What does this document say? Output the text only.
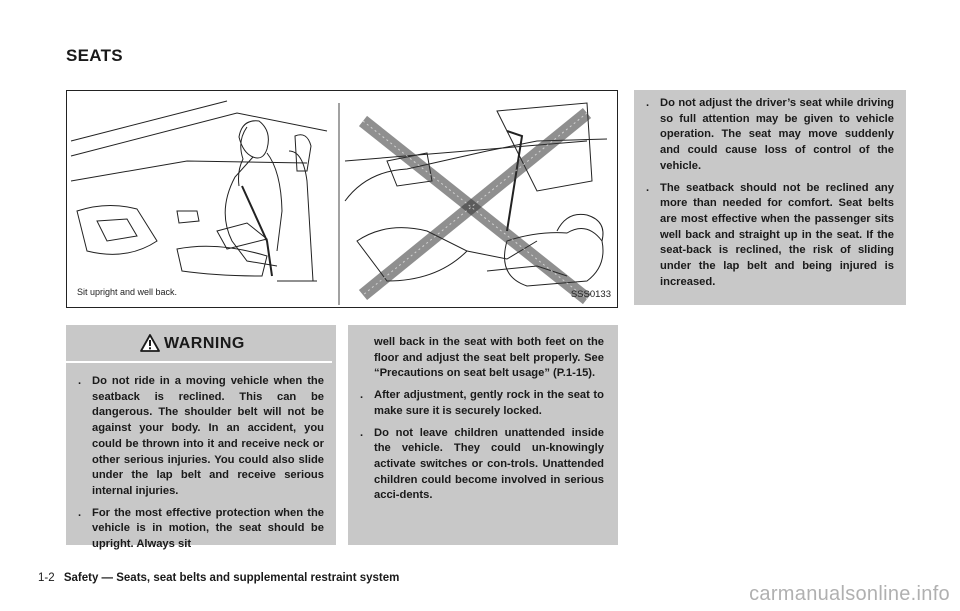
SEATS
Sit upright and well back.	SSS0133
WARNING
. Do not ride in a moving vehicle when the seatback is reclined. This can be dangerous. The shoulder belt will not be against your body. In an accident, you could be thrown into it and receive neck or other serious injuries. You could also slide under the lap belt and receive serious internal injuries.
. For the most effective protection when the vehicle is in motion, the seat should be upright. Always sit
well back in the seat with both feet on the floor and adjust the seat belt properly. See “Precautions on seat belt usage” (P.1-15).
. After adjustment, gently rock in the seat to make sure it is securely locked.
. Do not leave children unattended inside the vehicle. They could un-knowingly activate switches or con-trols. Unattended children could become involved in serious acci-dents.
. Do not adjust the driver’s seat while driving so full attention may be given to vehicle operation. The seat may move suddenly and could cause loss of control of the vehicle.
. The seatback should not be reclined any more than needed for comfort. Seat belts are most effective when the passenger sits well back and straight up in the seat. If the seat-back is reclined, the risk of sliding under the lap belt and being injured is increased.
1-2 Safety — Seats, seat belts and supplemental restraint system
carmanualsonline.info
